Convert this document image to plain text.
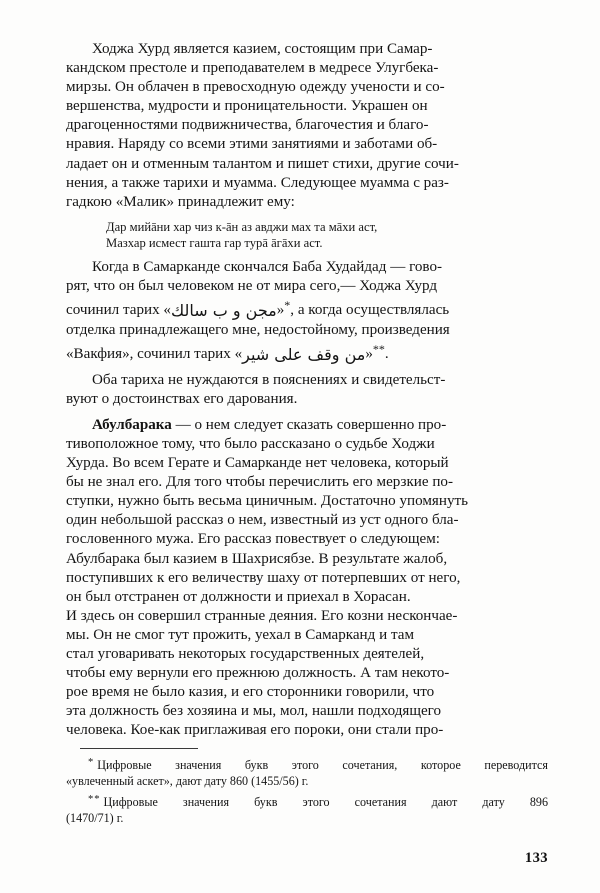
Ходжа Хурд является казием, состоящим при Самар-
кандском престоле и преподавателем в медресе Улугбека-
мирзы. Он облачен в превосходную одежду учености и со-
вершенства, мудрости и проницательности. Украшен он
драгоценностями подвижничества, благочестия и благо-
нравия. Наряду со всеми этими занятиями и заботами об-
ладает он и отменным талантом и пишет стихи, другие сочи-
нения, а также тарихи и муамма. Следующее муамма с раз-
гадкою «Малик» принадлежит ему:

Дар мийāни хар чиз к-āн аз авджи мах та мāхи аст,
Мазхар исмест гашта гар турā āгāхи аст.

Когда в Самарканде скончался Баба Худайдад — гово-
рят, что он был человеком не от мира сего,— Ходжа Хурд
сочинил тарих «مجن و ب سالك»*, а когда осуществлялась
отделка принадлежащего мне, недостойному, произведения
«Вакфия», сочинил тарих «من وقف على شير»**.

Оба тариха не нуждаются в пояснениях и свидетельст-
вуют о достоинствах его дарования.

Абулбарака — о нем следует сказать совершенно про-
тивоположное тому, что было рассказано о судьбе Ходжи
Хурда. Во всем Герате и Самарканде нет человека, который
бы не знал его. Для того чтобы перечислить его мерзкие по-
ступки, нужно быть весьма циничным. Достаточно упомянуть
один небольшой рассказ о нем, известный из уст одного бла-
гословенного мужа. Его рассказ повествует о следующем:
Абулбарака был казием в Шахрисябзе. В результате жалоб,
поступивших к его величеству шаху от потерпевших от него,
он был отстранен от должности и приехал в Хорасан.
И здесь он совершил странные деяния. Его козни нескончае-
мы. Он не смог тут прожить, уехал в Самарканд и там
стал уговаривать некоторых государственных деятелей,
чтобы ему вернули его прежнюю должность. А там некото-
рое время не было казия, и его сторонники говорили, что
эта должность без хозяина и мы, мол, нашли подходящего
человека. Кое-как приглаживая его пороки, они стали про-

* Цифровые значения букв этого сочетания, которое переводится
«увлеченный аскет», дают дату 860 (1455/56) г.

** Цифровые значения букв этого сочетания дают дату 896
(1470/71) г.

133
